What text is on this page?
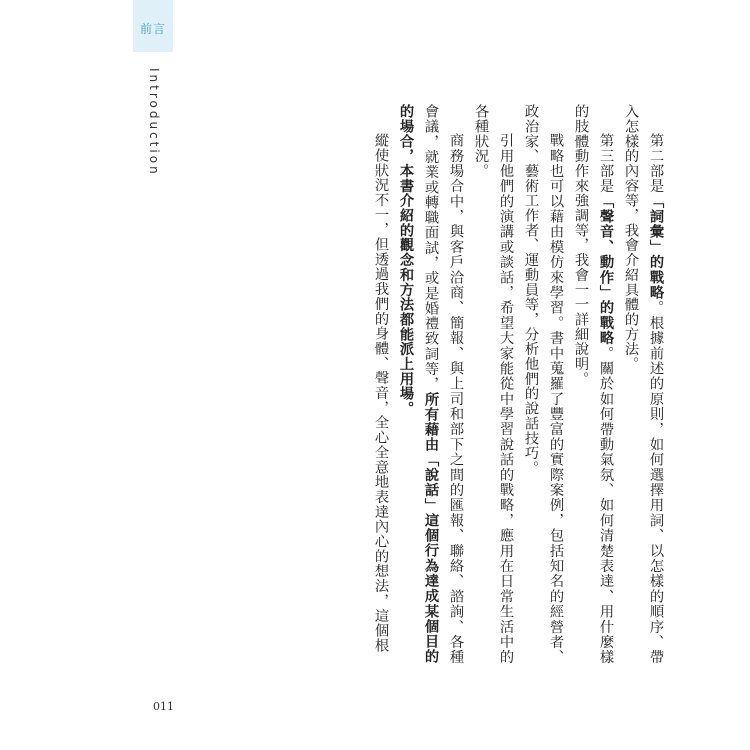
前言
Introduction	第二部是「詞彙」的戰略。根據前述的原則，如何選擇用詞、以怎樣的順序、帶入怎樣的內容等，我會介紹具體的方法。

第三部是「聲音、動作」的戰略。關於如何帶動氣氛、如何清楚表達、用什麼樣的肢體動作來強調等，我會一一詳細說明。

戰略也可以藉由模仿來學習。書中蒐羅了豐富的實際案例，包括知名的經營者、政治家、藝術工作者、運動員等，分析他們的說話技巧。

引用他們的演講或談話，希望大家能從中學習說話的戰略，應用在日常生活中的各種狀況。

商務場合中，與客戶洽商、簡報、與上司和部下之間的匯報、聯絡、諮詢、各種會議，就業或轉職面試，或是婚禮致詞等，所有藉由「說話」這個行為達成某個目的的場合，本書介紹的觀念和方法都能派上用場。

縱使狀況不一，但透過我們的身體、聲音，全心全意地表達內心的想法，這個根

011
